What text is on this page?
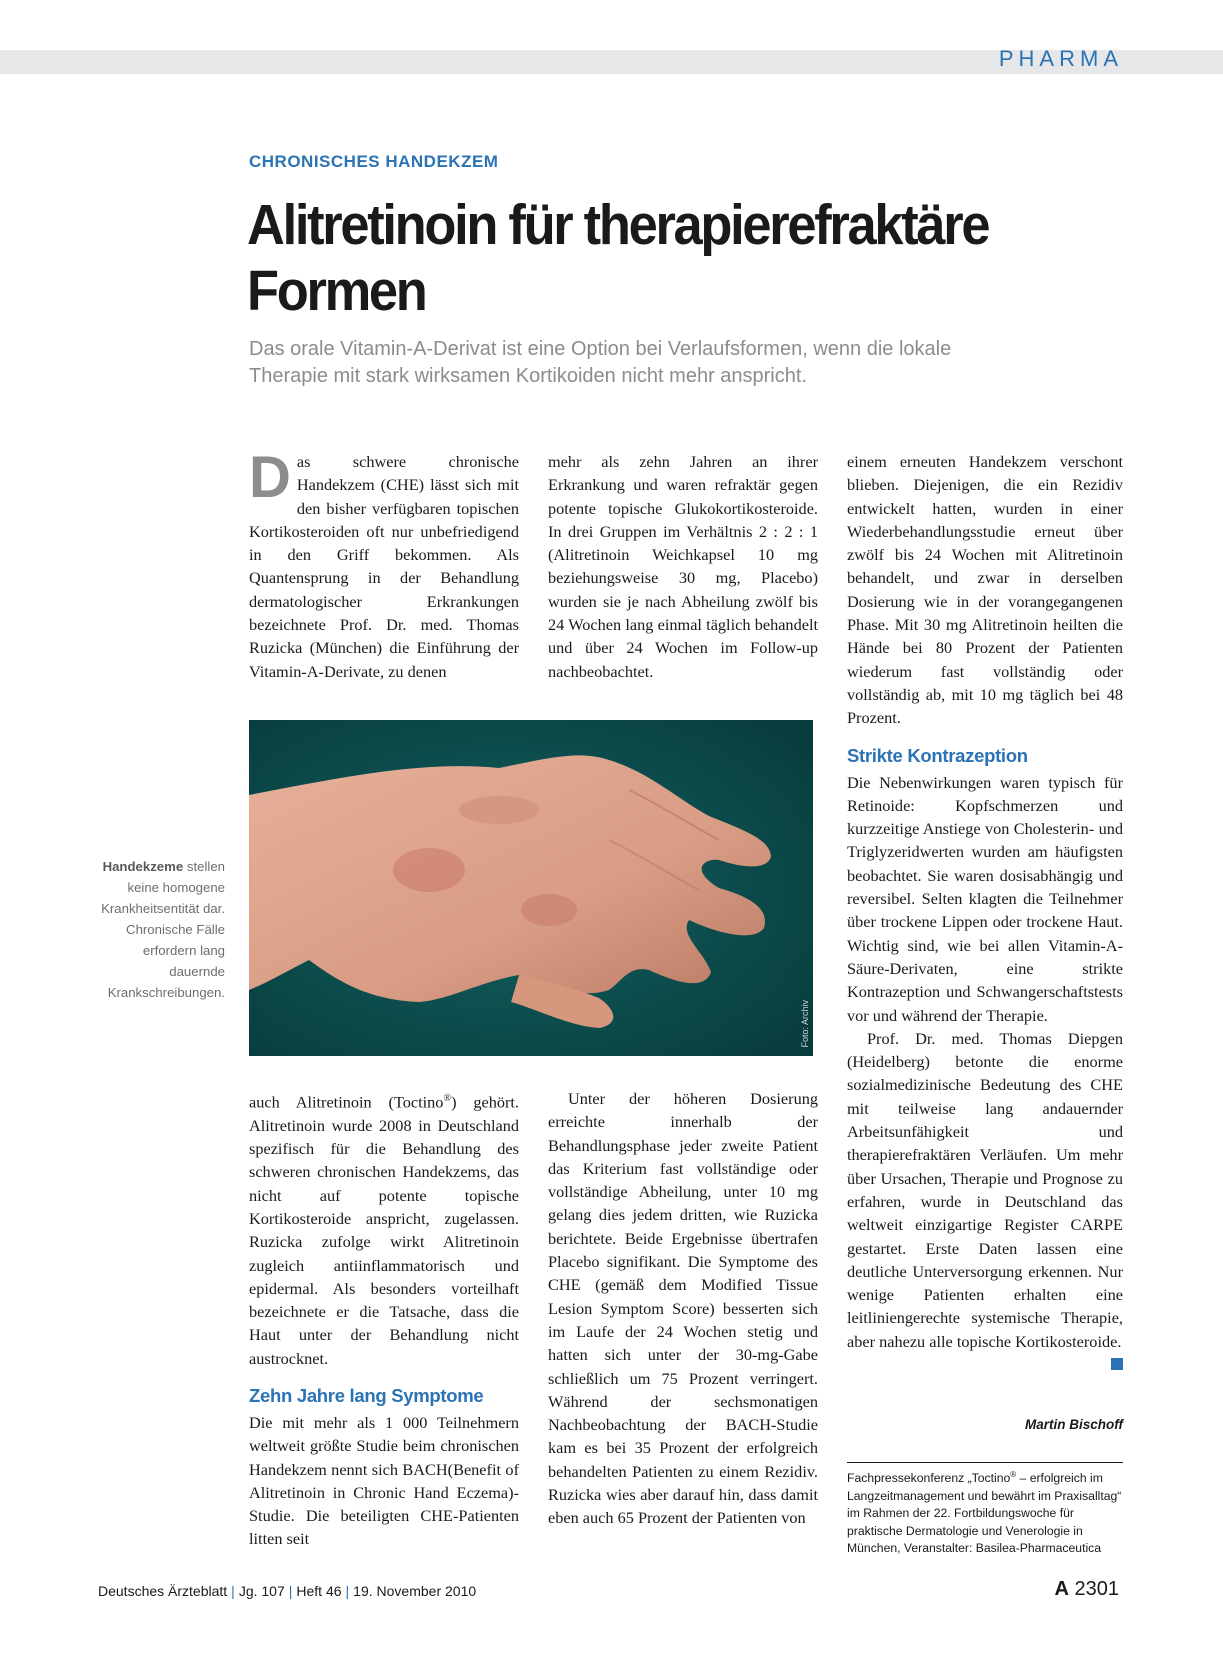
PHARMA
CHRONISCHES HANDEKZEM
Alitretinoin für therapierefraktäre Formen

Das orale Vitamin-A-Derivat ist eine Option bei Verlaufsformen, wenn die lokale Therapie mit stark wirksamen Kortikoiden nicht mehr anspricht.

Das schwere chronische Handekzem (CHE) lässt sich mit den bisher verfügbaren topischen Kortikosteroiden oft nur unbefriedigend in den Griff bekommen. Als Quantensprung in der Behandlung dermatologischer Erkrankungen bezeichnete Prof. Dr. med. Thomas Ruzicka (München) die Einführung der Vitamin-A-Derivate, zu denen

mehr als zehn Jahren an ihrer Erkrankung und waren refraktär gegen potente topische Glukokortikosteroide. In drei Gruppen im Verhältnis 2 : 2 : 1 (Alitretinoin Weichkapsel 10 mg beziehungsweise 30 mg, Placebo) wurden sie je nach Abheilung zwölf bis 24 Wochen lang einmal täglich behandelt und über 24 Wochen im Follow-up nachbeobachtet.

einem erneuten Handekzem verschont blieben. Diejenigen, die ein Rezidiv entwickelt hatten, wurden in einer Wiederbehandlungsstudie erneut über zwölf bis 24 Wochen mit Alitretinoin behandelt, und zwar in derselben Dosierung wie in der vorangegangenen Phase. Mit 30 mg Alitretinoin heilten die Hände bei 80 Prozent der Patienten wiederum fast vollständig oder vollständig ab, mit 10 mg täglich bei 48 Prozent.

Strikte Kontrazeption

Die Nebenwirkungen waren typisch für Retinoide: Kopfschmerzen und kurzzeitige Anstiege von Cholesterin- und Triglyzeridwerten wurden am häufigsten beobachtet. Sie waren dosisabhängig und reversibel. Selten klagten die Teilnehmer über trockene Lippen oder trockene Haut. Wichtig sind, wie bei allen Vitamin-A-Säure-Derivaten, eine strikte Kontrazeption und Schwangerschaftstests vor und während der Therapie.

Prof. Dr. med. Thomas Diepgen (Heidelberg) betonte die enorme sozialmedizinische Bedeutung des CHE mit teilweise lang andauernder Arbeitsunfähigkeit und therapierefraktären Verläufen. Um mehr über Ursachen, Therapie und Prognose zu erfahren, wurde in Deutschland das weltweit einzigartige Register CARPE gestartet. Erste Daten lassen eine deutliche Unterversorgung erkennen. Nur wenige Patienten erhalten eine leitliniengerechte systemische Therapie, aber nahezu alle topische Kortikosteroide.

Foto: Archiv
Handekzeme stellen keine homogene Krankheitsentität dar. Chronische Fälle erfordern lang dauernde Krankschreibungen.

auch Alitretinoin (Toctino®) gehört. Alitretinoin wurde 2008 in Deutschland spezifisch für die Behandlung des schweren chronischen Handekzems, das nicht auf potente topische Kortikosteroide anspricht, zugelassen. Ruzicka zufolge wirkt Alitretinoin zugleich antiinflammatorisch und epidermal. Als besonders vorteilhaft bezeichnete er die Tatsache, dass die Haut unter der Behandlung nicht austrocknet.

Zehn Jahre lang Symptome

Die mit mehr als 1 000 Teilnehmern weltweit größte Studie beim chronischen Handekzem nennt sich BACH(Benefit of Alitretinoin in Chronic Hand Eczema)-Studie. Die beteiligten CHE-Patienten litten seit

Unter der höheren Dosierung erreichte innerhalb der Behandlungsphase jeder zweite Patient das Kriterium fast vollständige oder vollständige Abheilung, unter 10 mg gelang dies jedem dritten, wie Ruzicka berichtete. Beide Ergebnisse übertrafen Placebo signifikant. Die Symptome des CHE (gemäß dem Modified Tissue Lesion Symptom Score) besserten sich im Laufe der 24 Wochen stetig und hatten sich unter der 30-mg-Gabe schließlich um 75 Prozent verringert. Während der sechsmonatigen Nachbeobachtung der BACH-Studie kam es bei 35 Prozent der erfolgreich behandelten Patienten zu einem Rezidiv. Ruzicka wies aber darauf hin, dass damit eben auch 65 Prozent der Patienten von

Martin Bischoff
Fachpressekonferenz „Toctino® – erfolgreich im Langzeitmanagement und bewährt im Praxisalltag“ im Rahmen der 22. Fortbildungswoche für praktische Dermatologie und Venerologie in München, Veranstalter: Basilea-Pharmaceutica
Deutsches Ärzteblatt | Jg. 107 | Heft 46 | 19. November 2010	A 2301
